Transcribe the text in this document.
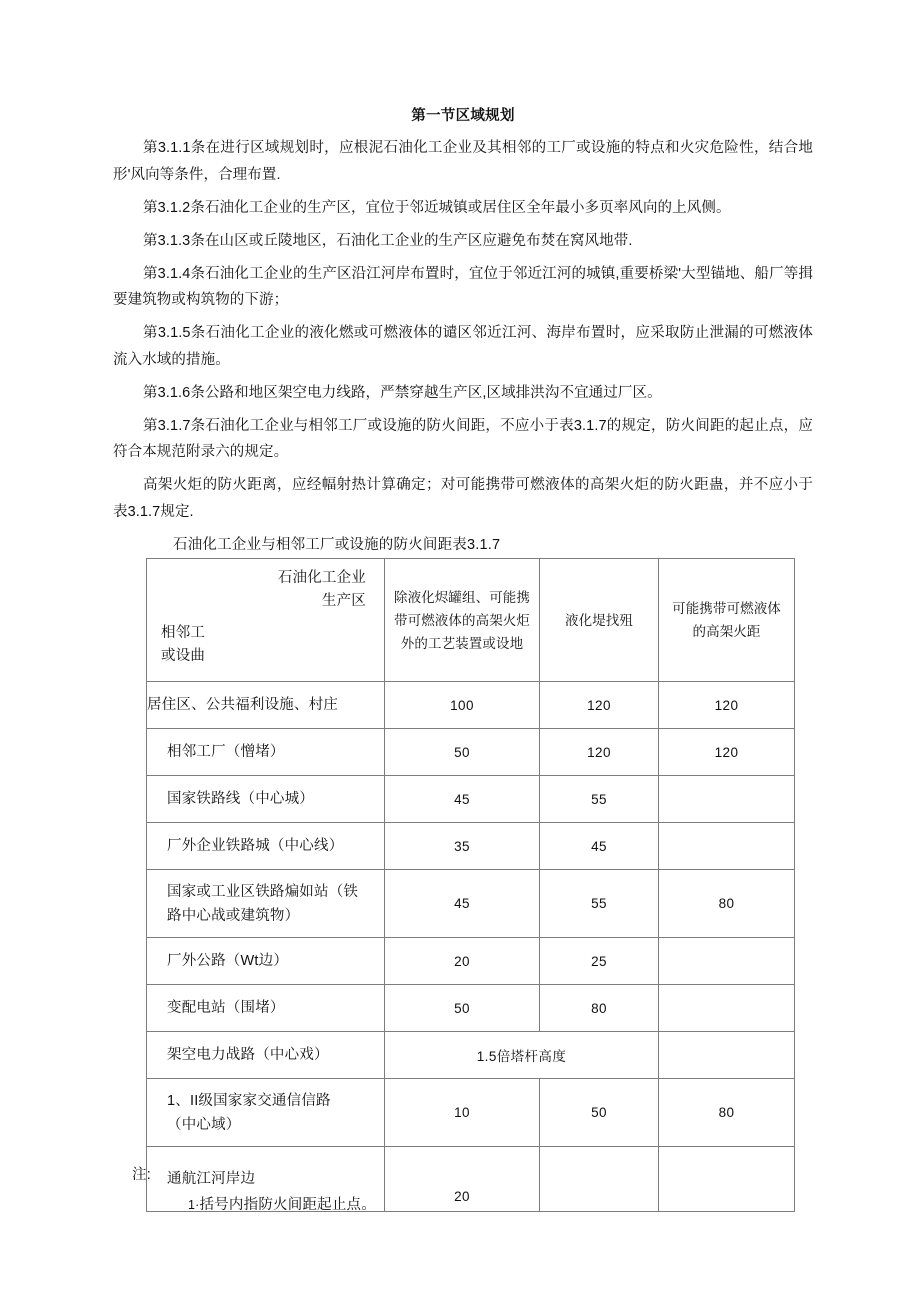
第一节区域规划

第3.1.1条在进行区域规划时，应根泥石油化工企业及其相邻的工厂或设施的特点和火灾危险性，结合地形'风向等条件，合理布置.

第3.1.2条石油化工企业的生产区，宜位于邻近城镇或居住区全年最小多页率风向的上风侧。

第3.1.3条在山区或丘陵地区，石油化工企业的生产区应避免布焚在窝风地带.

第3.1.4条石油化工企业的生产区沿江河岸布置时，宜位于邻近江河的城镇,重要桥梁'大型锚地、船厂等揖要建筑物或构筑物的下游；

第3.1.5条石油化工企业的液化燃或可燃液体的谴区邻近江河、海岸布置时，应采取防止泄漏的可燃液体流入水域的措施。

第3.1.6条公路和地区架空电力线路，严禁穿越生产区,区域排洪沟不宜通过厂区。

第3.1.7条石油化工企业与相邻工厂或设施的防火间距，不应小于表3.1.7的规定，防火间距的起止点，应符合本规范附录六的规定。

高架火炬的防火距离，应经幅射热计算确定；对可能携带可燃液体的高架火炬的防火距蛊，并不应小于表3.1.7规定.

石油化工企业与相邻工厂或设施的防火间距表3.1.7

石油化工企业
生产区
相邻工
或设曲

除液化烬罐组、可能携
带可燃液体的高架火炬
外的工艺装置或设地

液化堤找殂

可能携带可燃液体
的高架火距

居住区、公共福利设施、村庄	100	120	120
相邻工厂（憎堵）	50	120	120
国家铁路线（中心城）	45	55	
厂外企业铁路城（中心线）	35	45	

国家或工业区铁路煸如站（铁
路中心战或建筑物）	45	55	80
厂外公路（Wt边）	20	25	
变配电站（围堵）	50	80	
架空电力战路（中心戏）	1.5倍塔杆高度		

1、II级国家家交通信信路
（中心域）	10	50	80
通航江河岸边	20		

注:

1·括号内指防火间距起止点。
